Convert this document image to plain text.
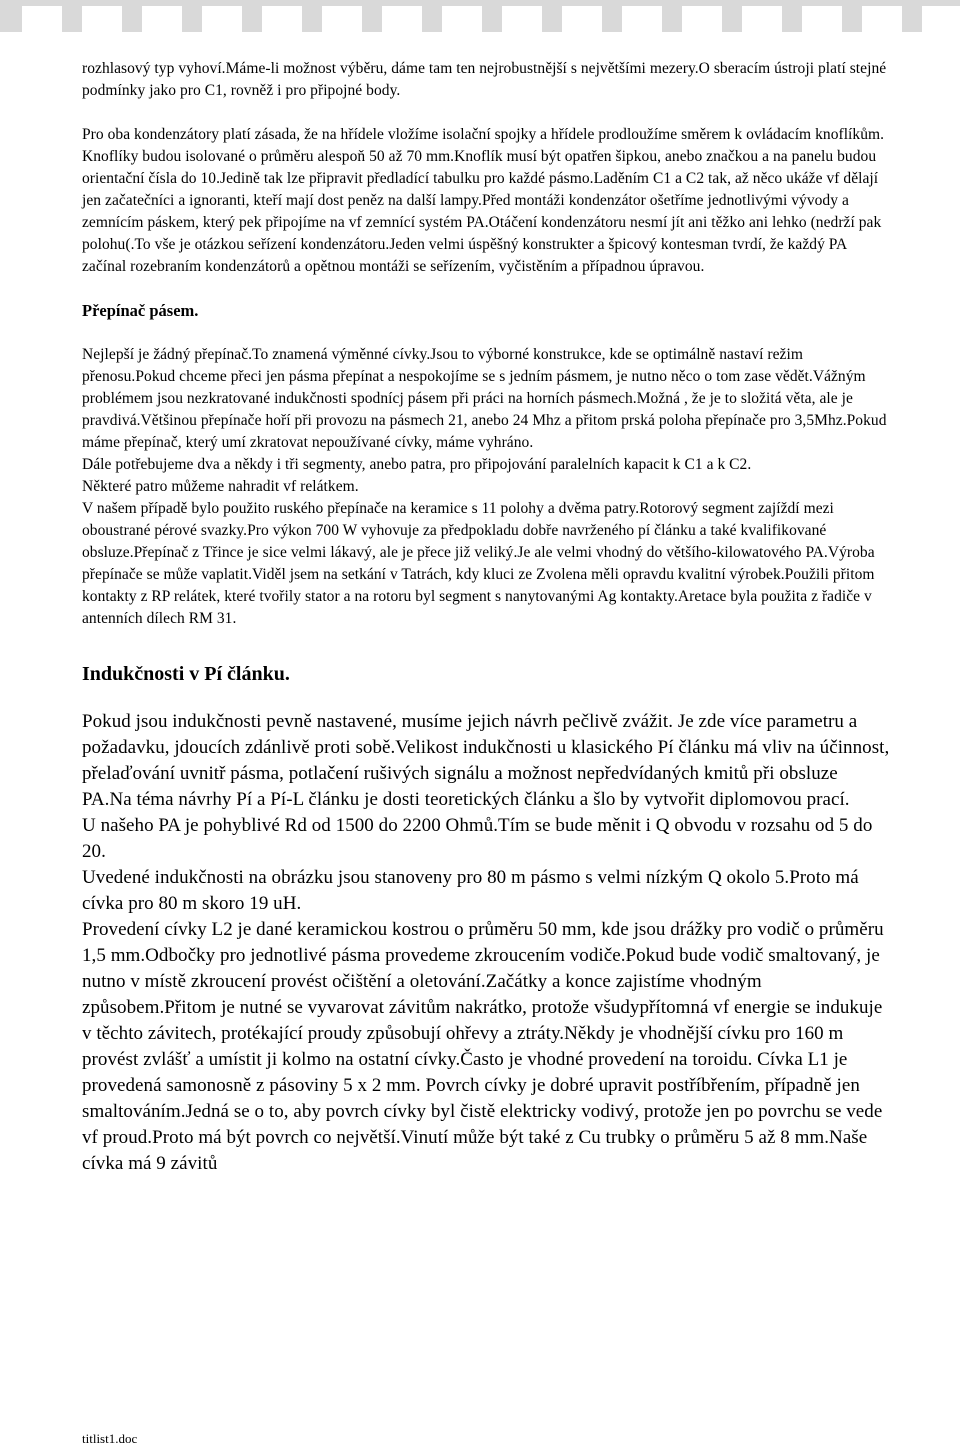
rozhlasový typ vyhoví.Máme-li možnost výběru, dáme tam ten nejrobustnější s největšími mezery.O sberacím ústroji platí stejné podmínky jako pro C1, rovněž i pro připojné body.

Pro oba kondenzátory platí zásada, že na hřídele vložíme isolační spojky a hřídele prodloužíme směrem k ovládacím knoflíkům. Knoflíky budou isolované o průměru alespoň 50 až 70 mm.Knoflík musí být opatřen šipkou, anebo značkou a na panelu budou orientační čísla do 10.Jedině tak lze připravit předladící tabulku pro každé pásmo.Laděním C1 a C2 tak, až něco ukáže vf dělají jen začatečníci a ignoranti, kteří mají dost peněz na další lampy.Před montáži kondenzátor ošetříme jednotlivými vývody a zemnícím páskem, který pek připojíme na vf zemnící systém PA.Otáčení kondenzátoru nesmí jít ani těžko ani lehko (nedrží pak polohu(.To vše je otázkou seřízení kondenzátoru.Jeden velmi úspěšný konstrukter a špicový kontesman tvrdí, že každý PA začínal rozebraním kondenzátorů a opětnou montáži se seřízením, vyčistěním a případnou úpravou.

Přepínač pásem.

Nejlepší je žádný přepínač.To znamená výměnné cívky.Jsou to výborné konstrukce, kde se optimálně nastaví režim přenosu.Pokud chceme přeci jen pásma přepínat a nespokojíme se s jedním pásmem, je nutno něco o tom zase vědět.Vážným problémem jsou nezkratované indukčnosti spodnícj pásem při práci na horních pásmech.Možná , že je to složitá věta, ale je pravdivá.Většinou přepínače hoří při provozu na pásmech 21, anebo 24 Mhz a přitom prská poloha přepínače pro 3,5Mhz.Pokud máme přepínač, který umí zkratovat nepoužívané cívky, máme vyhráno.

Dále potřebujeme dva a někdy i tři segmenty, anebo patra, pro připojování paralelních kapacit k C1 a k C2.

Některé patro můžeme nahradit vf relátkem.

V našem případě bylo použito ruského přepínače na keramice s 11 polohy a dvěma patry.Rotorový segment zajíždí mezi oboustrané pérové svazky.Pro výkon 700 W vyhovuje za předpokladu dobře navrženého pí článku a také kvalifikované obsluze.Přepínač z Třince je sice velmi lákavý, ale je přece již veliký.Je ale velmi vhodný do většího-kilowatového PA.Výroba přepínače se může vaplatit.Viděl jsem na setkání v Tatrách, kdy kluci ze Zvolena měli opravdu kvalitní výrobek.Použili přitom kontakty z RP relátek, které tvořily stator a na rotoru byl segment s nanytovanými Ag kontakty.Aretace byla použita z řadiče v antenních dílech RM 31.

Indukčnosti v Pí článku.

Pokud jsou indukčnosti pevně nastavené, musíme jejich návrh pečlivě zvážit. Je zde více parametru a požadavku, jdoucích zdánlivě proti sobě.Velikost indukčnosti u klasického Pí článku má vliv na účinnost, přelaďování uvnitř pásma, potlačení rušivých signálu a možnost nepředvídaných kmitů při obsluze PA.Na téma návrhy Pí a Pí-L článku je dosti teoretických článku a šlo by vytvořit diplomovou prací.

U našeho PA je pohyblivé Rd od 1500 do 2200 Ohmů.Tím se bude měnit i Q obvodu v rozsahu od 5 do 20.

Uvedené indukčnosti na obrázku jsou stanoveny pro 80 m pásmo s velmi nízkým Q okolo 5.Proto má cívka pro 80 m skoro 19 uH.

Provedení cívky L2 je dané keramickou kostrou o průměru 50 mm, kde jsou drážky pro vodič o průměru 1,5 mm.Odbočky pro jednotlivé pásma provedeme zkroucením vodiče.Pokud bude vodič smaltovaný, je nutno v místě zkroucení provést očištění a oletování.Začátky a konce zajistíme vhodným způsobem.Přitom je nutné se vyvarovat závitům nakrátko, protože všudypřítomná vf energie se indukuje v těchto závitech, protékající proudy způsobují ohřevy a ztráty.Někdy je vhodnější cívku pro 160 m provést zvlášť a umístit ji kolmo na ostatní cívky.Často je vhodné provedení na toroidu. Cívka L1 je provedená samonosně z pásoviny 5 x 2 mm. Povrch cívky je dobré upravit postříbřením, případně jen smaltováním.Jedná se o to, aby povrch cívky byl čistě elektricky vodivý, protože jen po povrchu se vede vf proud.Proto má být povrch co největší.Vinutí může být také z Cu trubky o průměru 5 až 8 mm.Naše cívka má 9 závitů

titlist1.doc
